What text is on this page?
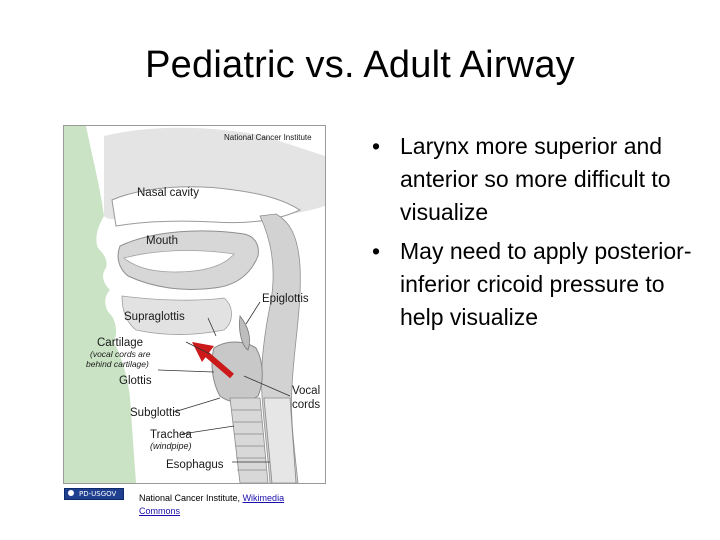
Pediatric vs. Adult Airway
National Cancer Institute
Nasal cavity
Mouth
Epiglottis
Supraglottis
Cartilage
(vocal cords are
behind cartilage)
Glottis
Vocal
cords
Subglottis
Trachea
(windpipe)
Esophagus
• Larynx more superior and anterior so more difficult to visualize
• May need to apply posterior-inferior cricoid pressure to help visualize
PD-USGOV	National Cancer Institute, Wikimedia
Commons
